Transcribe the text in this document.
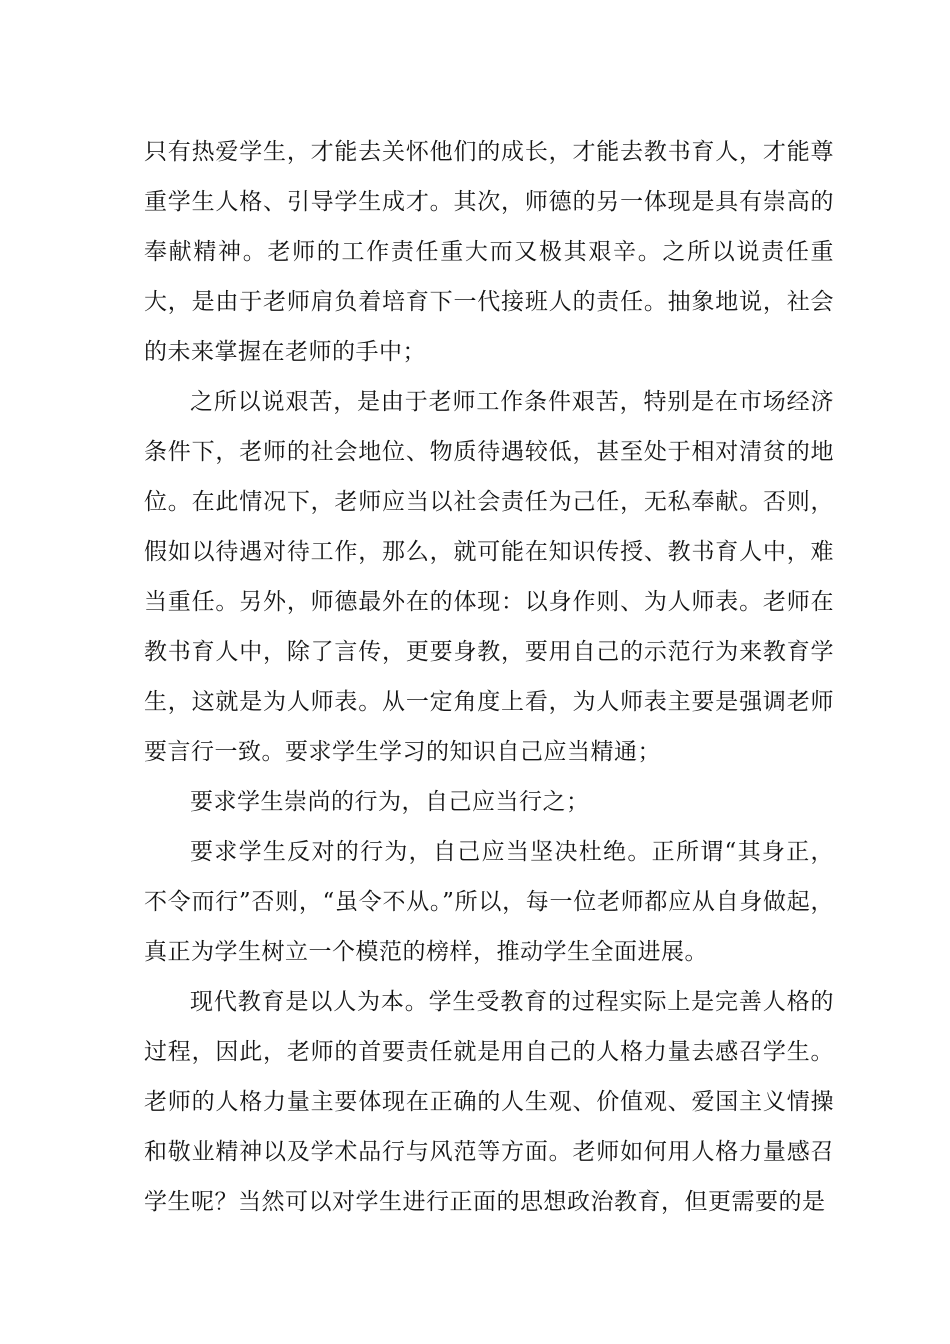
只有热爱学生，才能去关怀他们的成长，才能去教书育人，才能尊重学生人格、引导学生成才。其次，师德的另一体现是具有崇高的奉献精神。老师的工作责任重大而又极其艰辛。之所以说责任重大，是由于老师肩负着培育下一代接班人的责任。抽象地说，社会的未来掌握在老师的手中；

之所以说艰苦，是由于老师工作条件艰苦，特别是在市场经济条件下，老师的社会地位、物质待遇较低，甚至处于相对清贫的地位。在此情况下，老师应当以社会责任为己任，无私奉献。否则，假如以待遇对待工作，那么，就可能在知识传授、教书育人中，难当重任。另外，师德最外在的体现：以身作则、为人师表。老师在教书育人中，除了言传，更要身教，要用自己的示范行为来教育学生，这就是为人师表。从一定角度上看，为人师表主要是强调老师要言行一致。要求学生学习的知识自己应当精通；

要求学生崇尚的行为，自己应当行之；

要求学生反对的行为，自己应当坚决杜绝。正所谓“其身正，不令而行”否则，“虽令不从。”所以，每一位老师都应从自身做起，真正为学生树立一个模范的榜样，推动学生全面进展。

现代教育是以人为本。学生受教育的过程实际上是完善人格的过程，因此，老师的首要责任就是用自己的人格力量去感召学生。老师的人格力量主要体现在正确的人生观、价值观、爱国主义情操和敬业精神以及学术品行与风范等方面。老师如何用人格力量感召学生呢？当然可以对学生进行正面的思想政治教育，但更需要的是
